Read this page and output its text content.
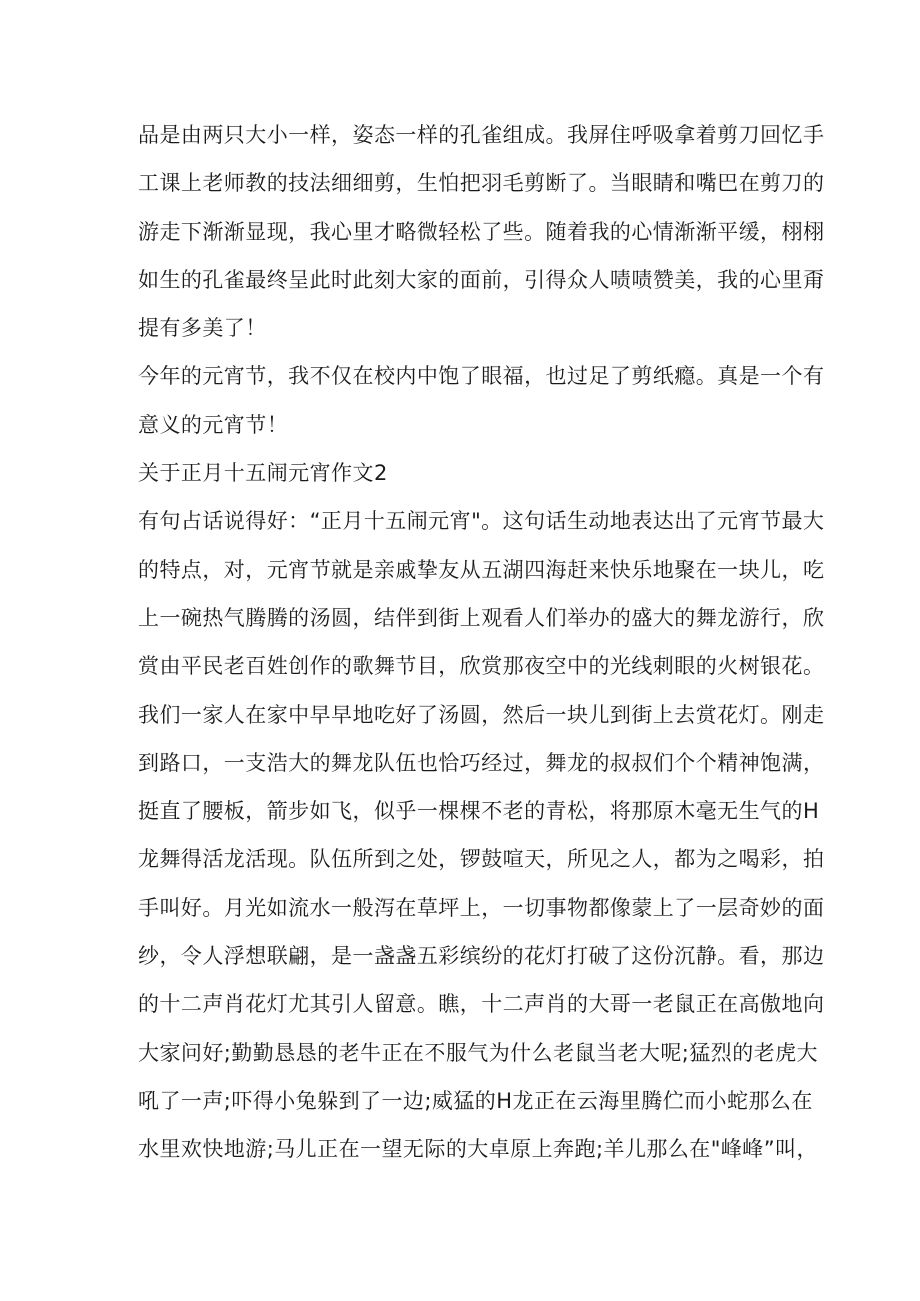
品是由两只大小一样，姿态一样的孔雀组成。我屏住呼吸拿着剪刀回忆手
工课上老师教的技法细细剪，生怕把羽毛剪断了。当眼睛和嘴巴在剪刀的
游走下渐渐显现，我心里才略微轻松了些。随着我的心情渐渐平缓，栩栩
如生的孔雀最终呈此时此刻大家的面前，引得众人啧啧赞美，我的心里甭
提有多美了！
今年的元宵节，我不仅在校内中饱了眼福，也过足了剪纸瘾。真是一个有
意义的元宵节！
关于正月十五闹元宵作文2
有句占话说得好：“正月十五闹元宵"。这句话生动地表达出了元宵节最大
的特点，对，元宵节就是亲戚挚友从五湖四海赶来快乐地聚在一块儿，吃
上一碗热气腾腾的汤圆，结伴到街上观看人们举办的盛大的舞龙游行，欣
赏由平民老百姓创作的歌舞节目，欣赏那夜空中的光线刺眼的火树银花。
我们一家人在家中早早地吃好了汤圆，然后一块儿到街上去赏花灯。刚走
到路口，一支浩大的舞龙队伍也恰巧经过，舞龙的叔叔们个个精神饱满，
挺直了腰板，箭步如飞，似乎一棵棵不老的青松，将那原木毫无生气的H
龙舞得活龙活现。队伍所到之处，锣鼓喧天，所见之人，都为之喝彩，拍
手叫好。月光如流水一般泻在草坪上，一切事物都像蒙上了一层奇妙的面
纱，令人浮想联翩，是一盏盏五彩缤纷的花灯打破了这份沉静。看，那边
的十二声肖花灯尤其引人留意。瞧，十二声肖的大哥一老鼠正在高傲地向
大家问好;勤勤恳恳的老牛正在不服气为什么老鼠当老大呢;猛烈的老虎大
吼了一声;吓得小兔躲到了一边;威猛的H龙正在云海里腾伫而小蛇那么在
水里欢快地游;马儿正在一望无际的大卓原上奔跑;羊儿那么在"峰峰”叫，
